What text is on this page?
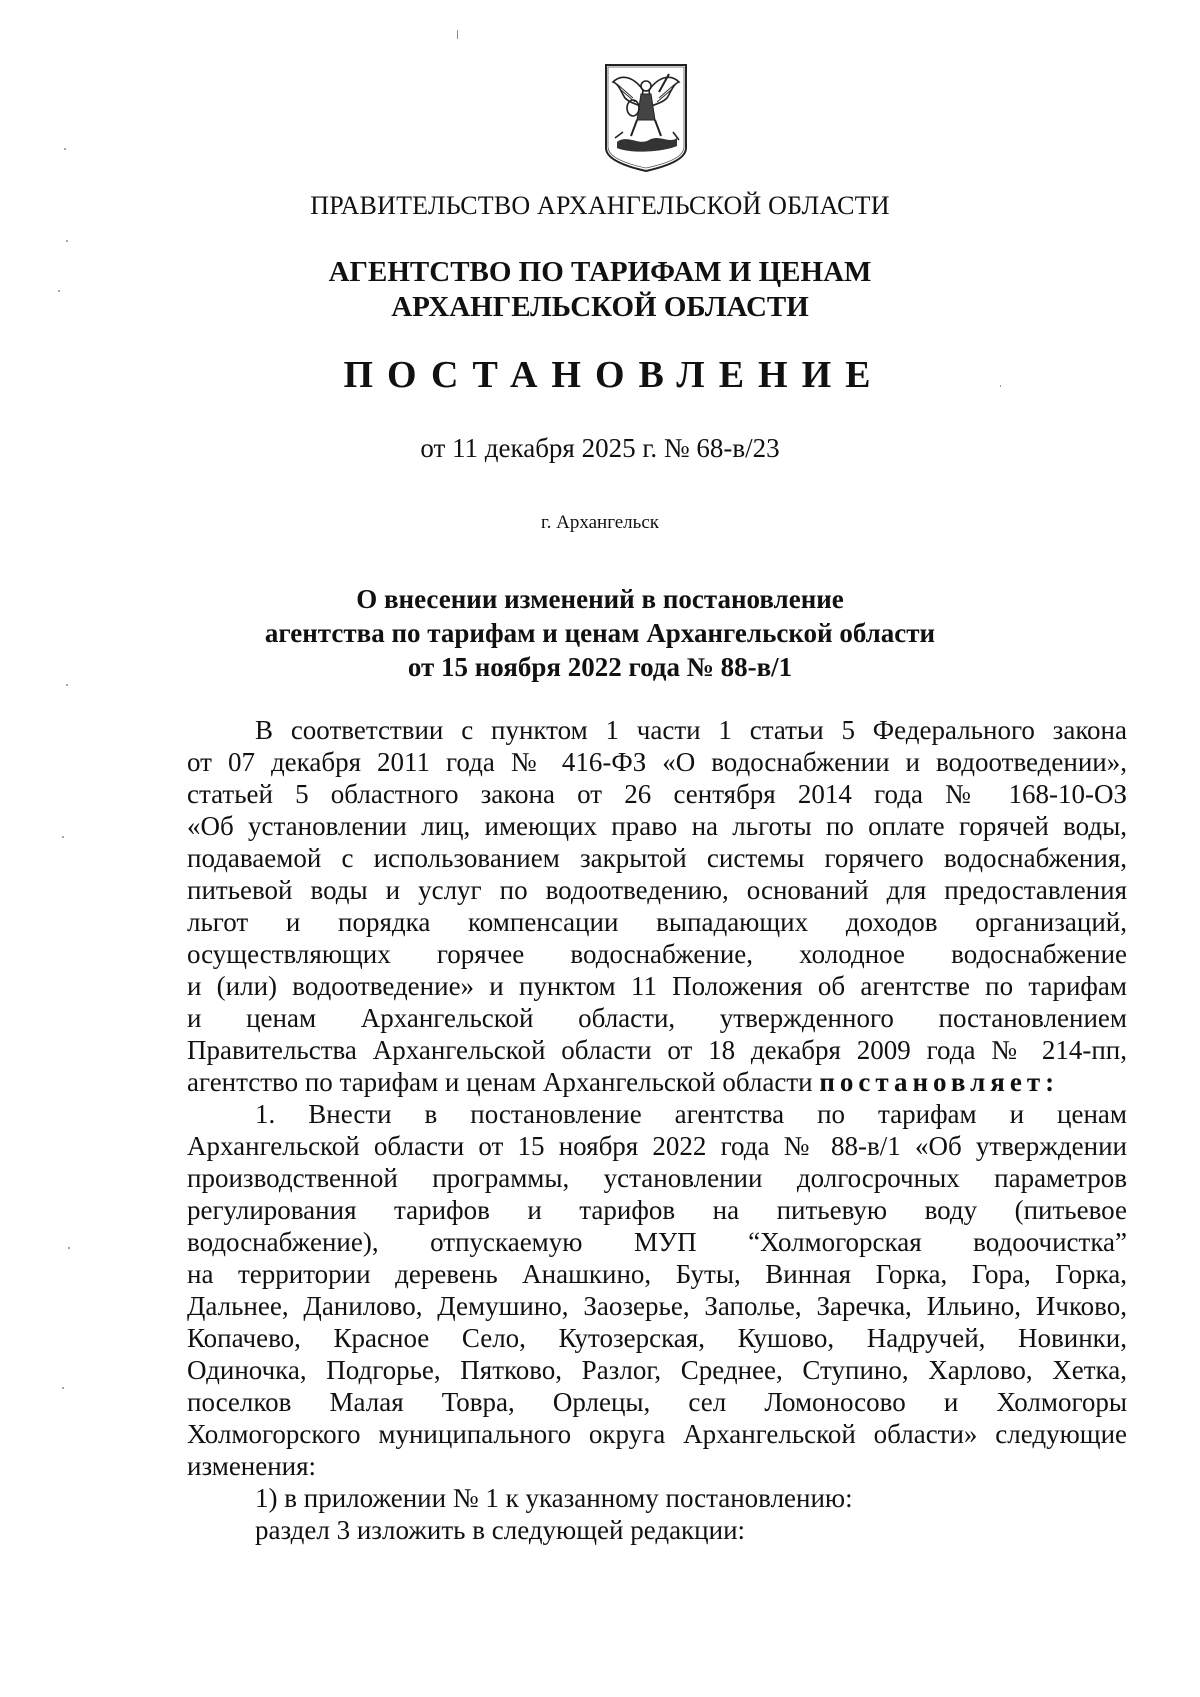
ПРАВИТЕЛЬСТВО АРХАНГЕЛЬСКОЙ ОБЛАСТИ
АГЕНТСТВО ПО ТАРИФАМ И ЦЕНАМ
АРХАНГЕЛЬСКОЙ ОБЛАСТИ
ПОСТАНОВЛЕНИЕ
от 11 декабря 2025 г. № 68-в/23
г. Архангельск
О внесении изменений в постановление
агентства по тарифам и ценам Архангельской области
от 15 ноября 2022 года № 88-в/1
В соответствии с пунктом 1 части 1 статьи 5 Федерального закона
от 07 декабря 2011 года № 416-ФЗ «О водоснабжении и водоотведении»,
статьей 5 областного закона от 26 сентября 2014 года № 168-10-ОЗ
«Об установлении лиц, имеющих право на льготы по оплате горячей воды,
подаваемой с использованием закрытой системы горячего водоснабжения,
питьевой воды и услуг по водоотведению, оснований для предоставления
льгот и порядка компенсации выпадающих доходов организаций,
осуществляющих горячее водоснабжение, холодное водоснабжение
и (или) водоотведение» и пунктом 11 Положения об агентстве по тарифам
и ценам Архангельской области, утвержденного постановлением
Правительства Архангельской области от 18 декабря 2009 года № 214-пп,
агентство по тарифам и ценам Архангельской области постановляет:
1. Внести в постановление агентства по тарифам и ценам
Архангельской области от 15 ноября 2022 года № 88-в/1 «Об утверждении
производственной программы, установлении долгосрочных параметров
регулирования тарифов и тарифов на питьевую воду (питьевое
водоснабжение), отпускаемую МУП “Холмогорская водоочистка”
на территории деревень Анашкино, Буты, Винная Горка, Гора, Горка,
Дальнее, Данилово, Демушино, Заозерье, Заполье, Заречка, Ильино, Ичково,
Копачево, Красное Село, Кутозерская, Кушово, Надручей, Новинки,
Одиночка, Подгорье, Пятково, Разлог, Среднее, Ступино, Харлово, Хетка,
поселков Малая Товра, Орлецы, сел Ломоносово и Холмогоры
Холмогорского муниципального округа Архангельской области» следующие
изменения:
1) в приложении № 1 к указанному постановлению:
раздел 3 изложить в следующей редакции:
